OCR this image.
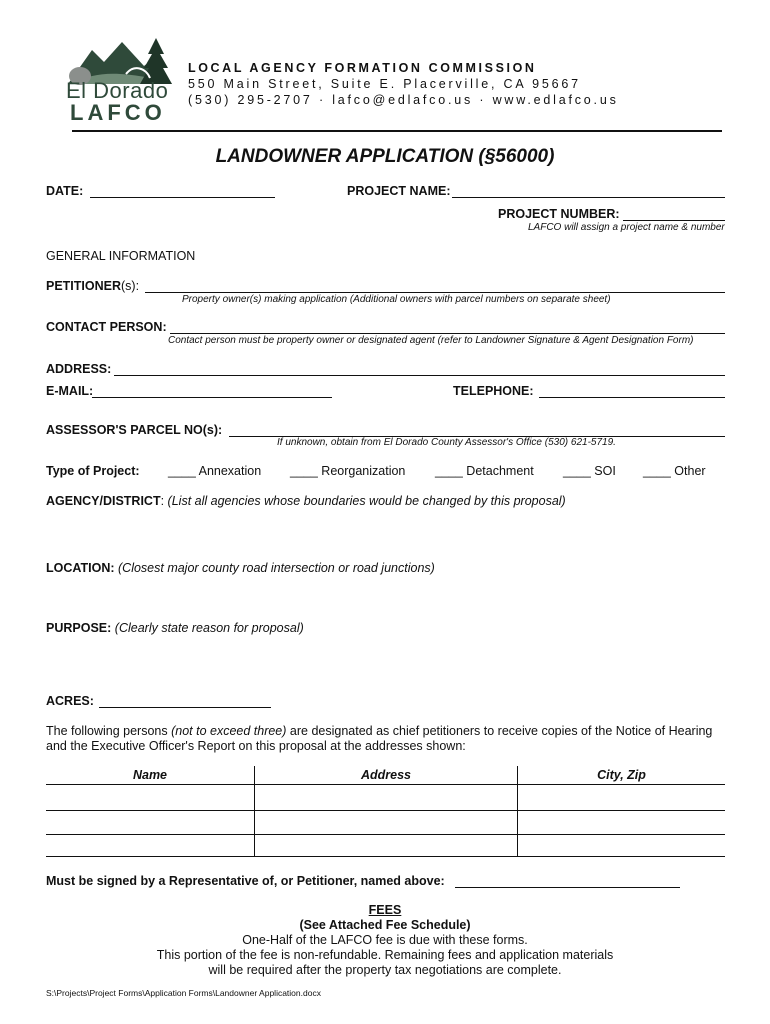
El Dorado
LAFCO
LOCAL AGENCY FORMATION COMMISSION
550 Main Street, Suite E. Placerville, CA 95667
(530) 295-2707 · lafco@edlafco.us · www.edlafco.us
LANDOWNER APPLICATION (§56000)
DATE:	PROJECT NAME:
PROJECT NUMBER:
LAFCO will assign a project name & number
GENERAL INFORMATION
PETITIONER(s):
Property owner(s) making application (Additional owners with parcel numbers on separate sheet)
CONTACT PERSON:
Contact person must be property owner or designated agent (refer to Landowner Signature & Agent Designation Form)
ADDRESS:
E-MAIL:	TELEPHONE:
ASSESSOR'S PARCEL NO(s):
If unknown, obtain from El Dorado County Assessor's Office (530) 621-5719.
Type of Project: ____ Annexation ____ Reorganization ____ Detachment ____ SOI ____ Other
AGENCY/DISTRICT: (List all agencies whose boundaries would be changed by this proposal)
LOCATION: (Closest major county road intersection or road junctions)
PURPOSE: (Clearly state reason for proposal)
ACRES:
The following persons (not to exceed three) are designated as chief petitioners to receive copies of the Notice of Hearing and the Executive Officer's Report on this proposal at the addresses shown:
Name	Address	City, Zip

Must be signed by a Representative of, or Petitioner, named above:
FEES
(See Attached Fee Schedule)
One-Half of the LAFCO fee is due with these forms.
This portion of the fee is non-refundable. Remaining fees and application materials
will be required after the property tax negotiations are complete.
S:\Projects\Project Forms\Application Forms\Landowner Application.docx
